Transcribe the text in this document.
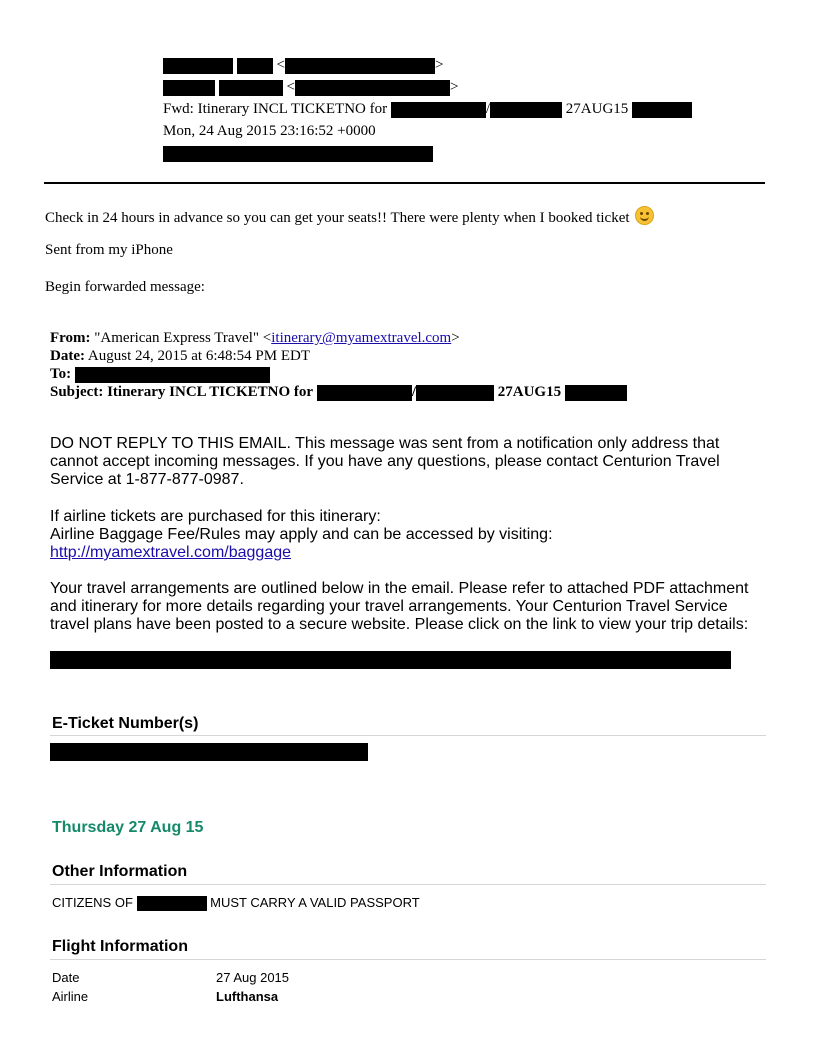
<	>
<	>
Fwd: Itinerary INCL TICKETNO for	/	27AUG15
Mon, 24 Aug 2015 23:16:52 +0000
Check in 24 hours in advance so you can get your seats!! There were plenty when I booked ticket
Sent from my iPhone
Begin forwarded message:
From: "American Express Travel" <itinerary@myamextravel.com>
Date: August 24, 2015 at 6:48:54 PM EDT
To:
Subject: Itinerary INCL TICKETNO for	/	27AUG15
DO NOT REPLY TO THIS EMAIL. This message was sent from a notification only address that cannot accept incoming messages. If you have any questions, please contact Centurion Travel Service at 1-877-877-0987.
If airline tickets are purchased for this itinerary:
Airline Baggage Fee/Rules may apply and can be accessed by visiting:
http://myamextravel.com/baggage
Your travel arrangements are outlined below in the email. Please refer to attached PDF attachment and itinerary for more details regarding your travel arrangements. Your Centurion Travel Service travel plans have been posted to a secure website. Please click on the link to view your trip details:
E-Ticket Number(s)
Thursday 27 Aug 15
Other Information
CITIZENS OF	MUST CARRY A VALID PASSPORT
Flight Information
Date	27 Aug 2015
Airline	Lufthansa
